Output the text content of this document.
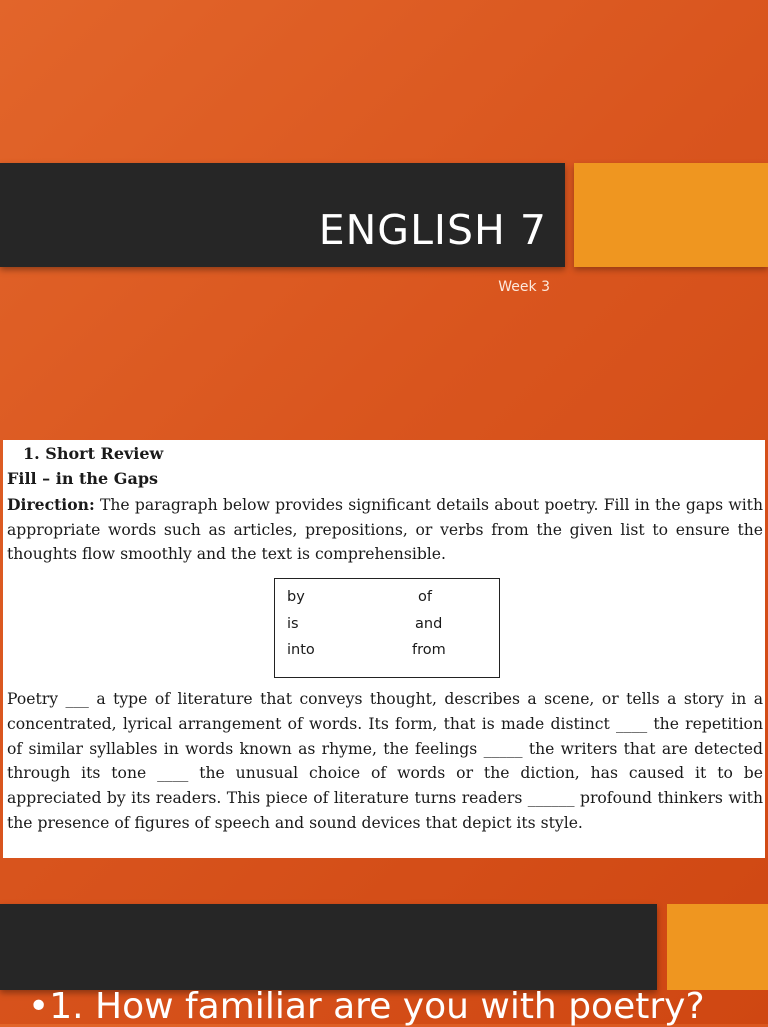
ENGLISH 7
Week 3
1. Short Review
Fill – in the Gaps
Direction: The paragraph below provides significant details about poetry. Fill in the gaps with appropriate words such as articles, prepositions, or verbs from the given list to ensure the thoughts flow smoothly and the text is comprehensible.
by	of
is	and
into	from
Poetry ___ a type of literature that conveys thought, describes a scene, or tells a story in a concentrated, lyrical arrangement of words. Its form, that is made distinct ____ the repetition of similar syllables in words known as rhyme, the feelings _____ the writers that are detected through its tone ____ the unusual choice of words or the diction, has caused it to be appreciated by its readers. This piece of literature turns readers ______ profound thinkers with the presence of figures of speech and sound devices that depict its style.
•1. How familiar are you with poetry?
